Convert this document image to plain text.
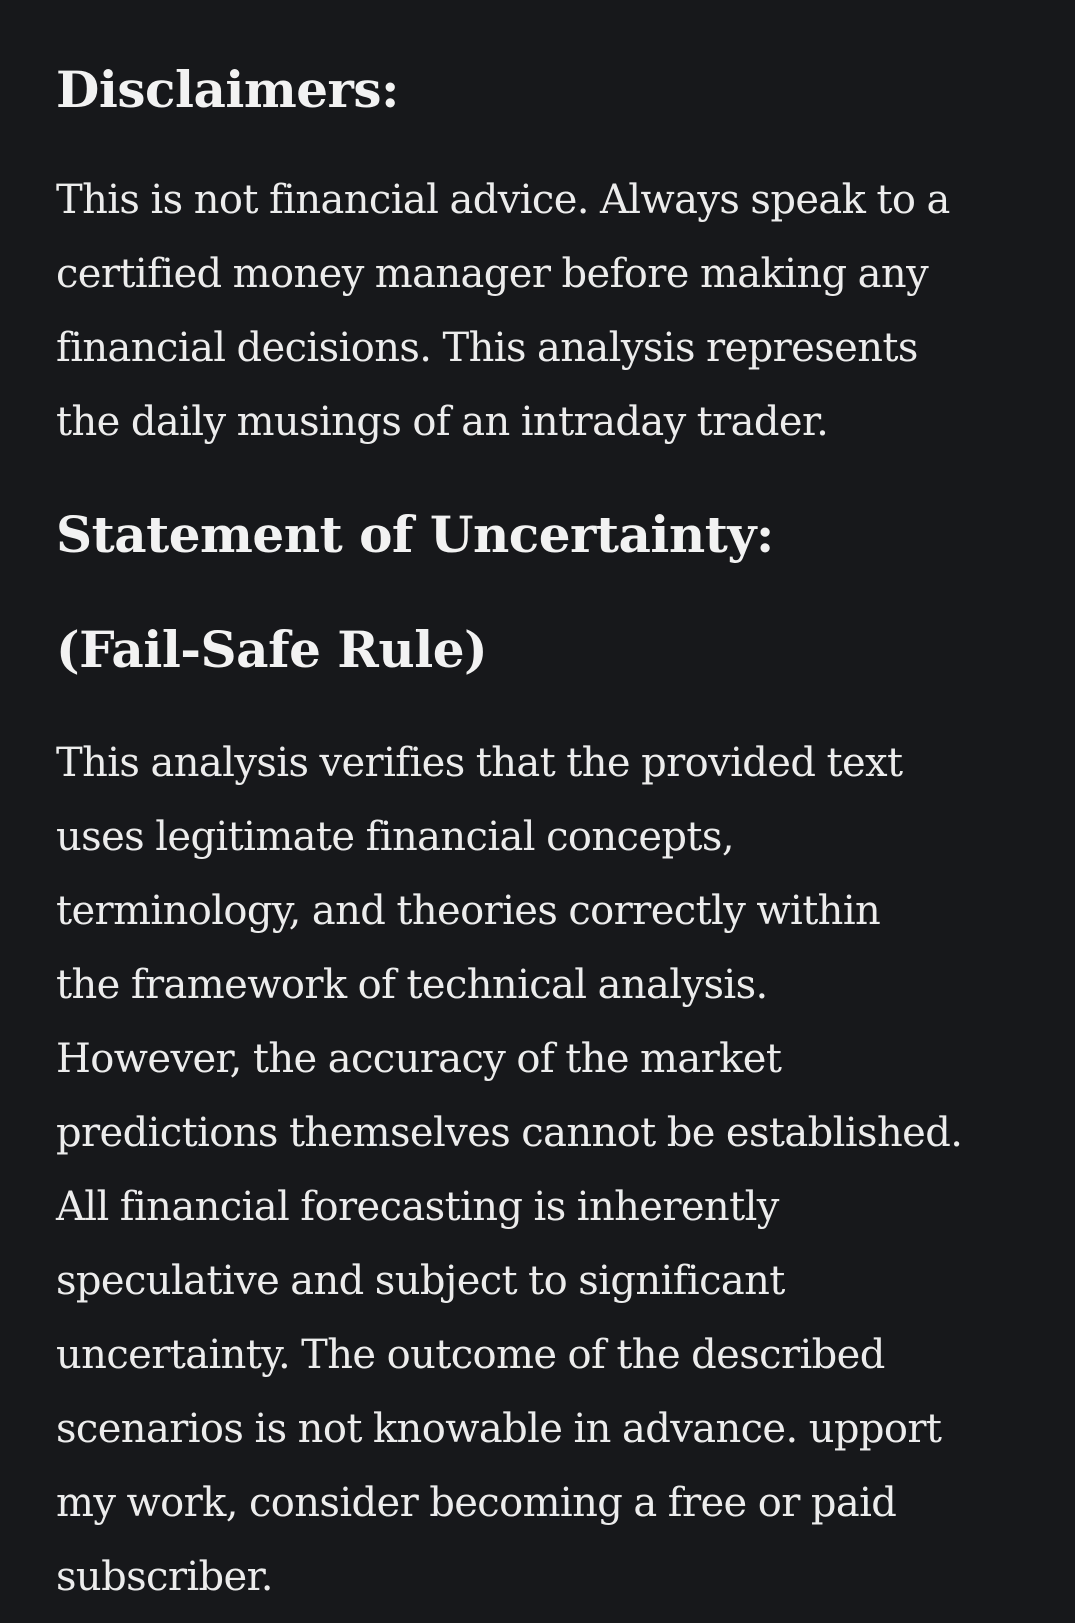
Disclaimers:

This is not financial advice. Always speak to a
certified money manager before making any
financial decisions. This analysis represents
the daily musings of an intraday trader.

Statement of Uncertainty:
(Fail-Safe Rule)

This analysis verifies that the provided text
uses legitimate financial concepts,
terminology, and theories correctly within
the framework of technical analysis.
However, the accuracy of the market
predictions themselves cannot be established.
All financial forecasting is inherently
speculative and subject to significant
uncertainty. The outcome of the described
scenarios is not knowable in advance. upport
my work, consider becoming a free or paid
subscriber.
